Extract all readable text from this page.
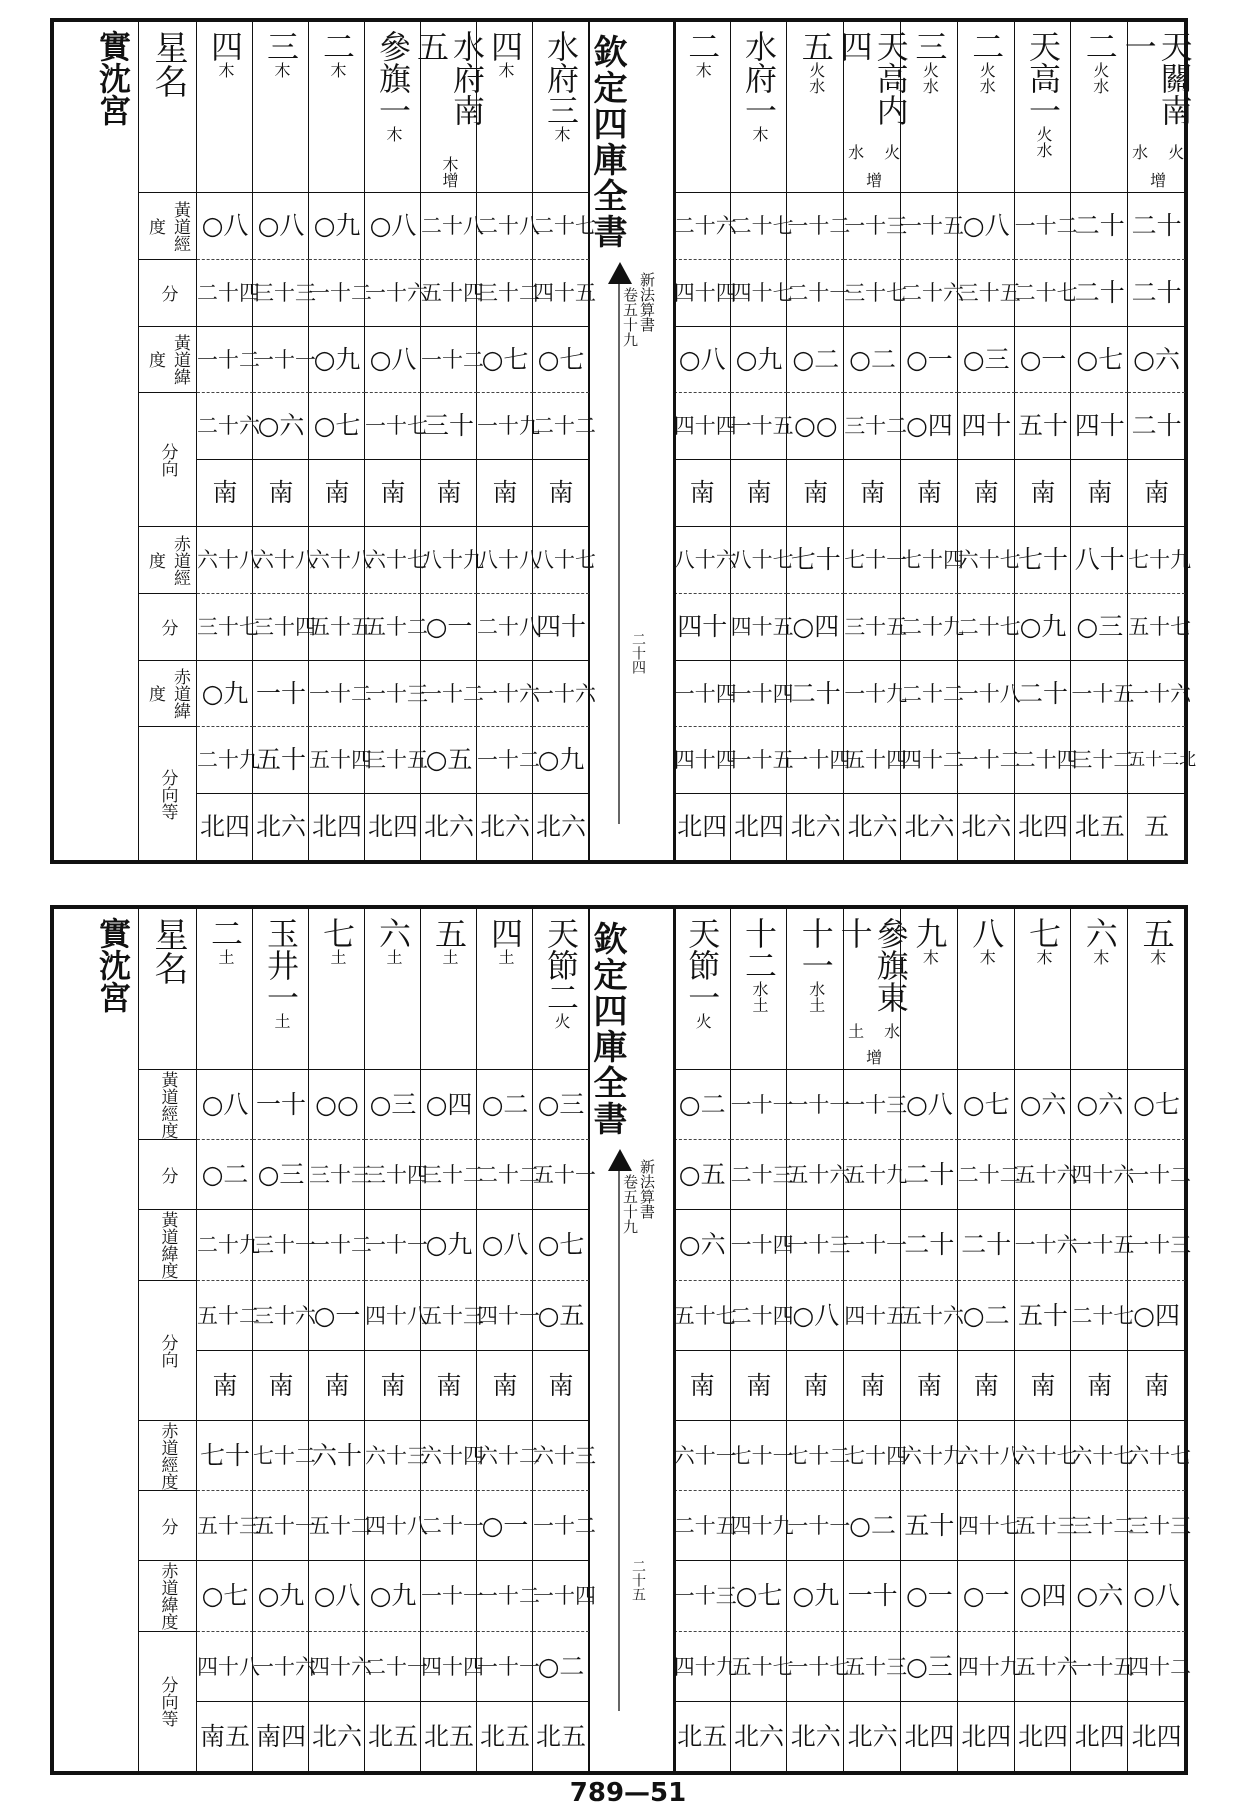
天關南一
火水
增
二十
二十
○六
二十
南
七十九
五十七
一十六
五十二北
五
二
火水
二十
二十
○七
四十
南
八十
○三
一十五
三十二
北五
天高一
火水
一十二
二十七
○一
五十
南
七十
○九
二十
二十四
北四
二
火水
○八
三十五
○三
四十
南
六十七
二十七
一十八
一十二
北六
三
火水
一十五
二十六
○一
○四
南
七十四
二十九
二十二
四十二
北六
天高内四
火水
增
一十三
三十七
○二
三十二
南
七十一
三十五
一十九
五十四
北六
五
火水
一十二
二十一
○二
○○
南
七十
○四
二十
一十四
北六
水府一
木
二十七
四十七
○九
一十五
南
八十七
四十五
一十四
一十五
北四
二
木
二十六
四十四
○八
四十四
南
八十六
四十
一十四
四十四
北四
欽定四庫全書
新法算書
卷五十九
二十四
水府三
木
二十七
四十五
○七
二十二
南
八十七
四十
一十六
○九
北六
四
木
二十八
三十二
○七
一十九
南
八十八
二十八
一十六
一十二
北六
水府南五
木
增
二十八
五十四
一十二
三十
南
八十九
○一
一十二
○五
北六
參旗一
木
○八
一十六
○八
一十七
南
六十七
五十二
一十三
三十五
北四
二
木
○九
一十二
○九
○七
南
六十八
五十五
一十二
五十四
北四
三
木
○八
三十三
一十一
○六
南
六十八
三十四
一十
五十
北六
四
木
○八
二十四
一十二
二十六
南
六十八
三十七
○九
二十九
北四
星名
黃道經度
分
黃道緯度
分向
赤道經度
分
赤道緯度
分向等
實沈宮
五
木
○七
一十二
一十三
○四
南
六十七
三十三
○八
四十二
北四
六
木
○六
四十六
一十五
二十七
南
六十七
三十二
○六
一十五
北四
七
木
○六
五十六
一十六
五十
南
六十七
五十三
○四
五十六
北四
八
木
○七
二十二
二十
○二
南
六十八
四十七
○一
四十九
北四
九
木
○八
二十
二十
五十六
南
六十九
五十
○一
○三
北四
參旗東十
水土
增
一十三
五十九
一十一
四十五
南
七十四
○二
一十
五十三
北六
十一
水土
一十一
五十六
一十三
○八
南
七十二
一十一
○九
一十七
北六
十二
水土
一十一
二十三
一十四
二十四
南
七十一
四十九
○七
五十七
北六
天節一
火
○二
○五
○六
五十七
南
六十一
二十五
一十三
四十九
北五
欽定四庫全書
新法算書
卷五十九
二十五
天節二
火
○三
五十一
○七
○五
南
六十三
一十二
一十四
○二
北五
四
土
○二
二十二
○八
四十一
南
六十二
○一
一十二
一十一
北五
五
土
○四
三十二
○九
五十三
南
六十四
二十一
一十一
四十四
北五
六
土
○三
三十四
一十一
四十八
南
六十三
四十八
○九
二十一
北五
七
土
○○
三十三
一十二
○一
南
六十
五十二
○八
四十六
北六
玉井一
土
一十
○三
三十一
三十六
南
七十二
五十一
○九
一十六
南四
二
土
○八
○二
二十九
五十二
南
七十
五十三
○七
四十八
南五
星名
黃道經度
分
黃道緯度
分向
赤道經度
分
赤道緯度
分向等
實沈宮
789—51
